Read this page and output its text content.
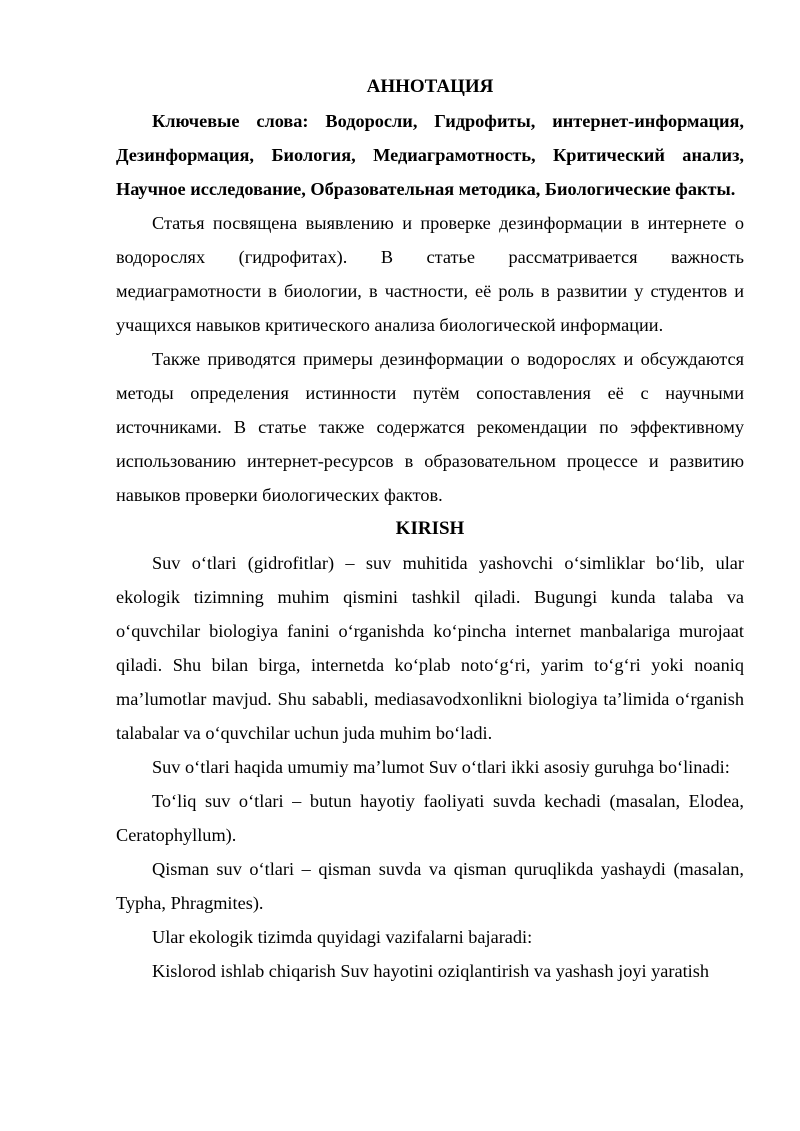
АННОТАЦИЯ

Ключевые слова: Водоросли, Гидрофиты, интернет-информация, Дезинформация, Биология, Медиаграмотность, Критический анализ, Научное исследование, Образовательная методика, Биологические факты.

Статья посвящена выявлению и проверке дезинформации в интернете о водорослях (гидрофитах). В статье рассматривается важность медиаграмотности в биологии, в частности, её роль в развитии у студентов и учащихся навыков критического анализа биологической информации.

Также приводятся примеры дезинформации о водорослях и обсуждаются методы определения истинности путём сопоставления её с научными источниками. В статье также содержатся рекомендации по эффективному использованию интернет-ресурсов в образовательном процессе и развитию навыков проверки биологических фактов.

KIRISH

Suv oʻtlari (gidrofitlar) – suv muhitida yashovchi oʻsimliklar boʻlib, ular ekologik tizimning muhim qismini tashkil qiladi. Bugungi kunda talaba va oʻquvchilar biologiya fanini oʻrganishda koʻpincha internet manbalariga murojaat qiladi. Shu bilan birga, internetda koʻplab notoʻgʻri, yarim toʻgʻri yoki noaniq maʼlumotlar mavjud. Shu sababli, mediasavodxonlikni biologiya taʼlimida oʻrganish talabalar va oʻquvchilar uchun juda muhim boʻladi.

Suv oʻtlari haqida umumiy maʼlumot Suv oʻtlari ikki asosiy guruhga boʻlinadi:

Toʻliq suv oʻtlari – butun hayotiy faoliyati suvda kechadi (masalan, Elodea, Ceratophyllum).

Qisman suv oʻtlari – qisman suvda va qisman quruqlikda yashaydi (masalan, Typha, Phragmites).

Ular ekologik tizimda quyidagi vazifalarni bajaradi:

Kislorod ishlab chiqarish Suv hayotini oziqlantirish va yashash joyi yaratish
